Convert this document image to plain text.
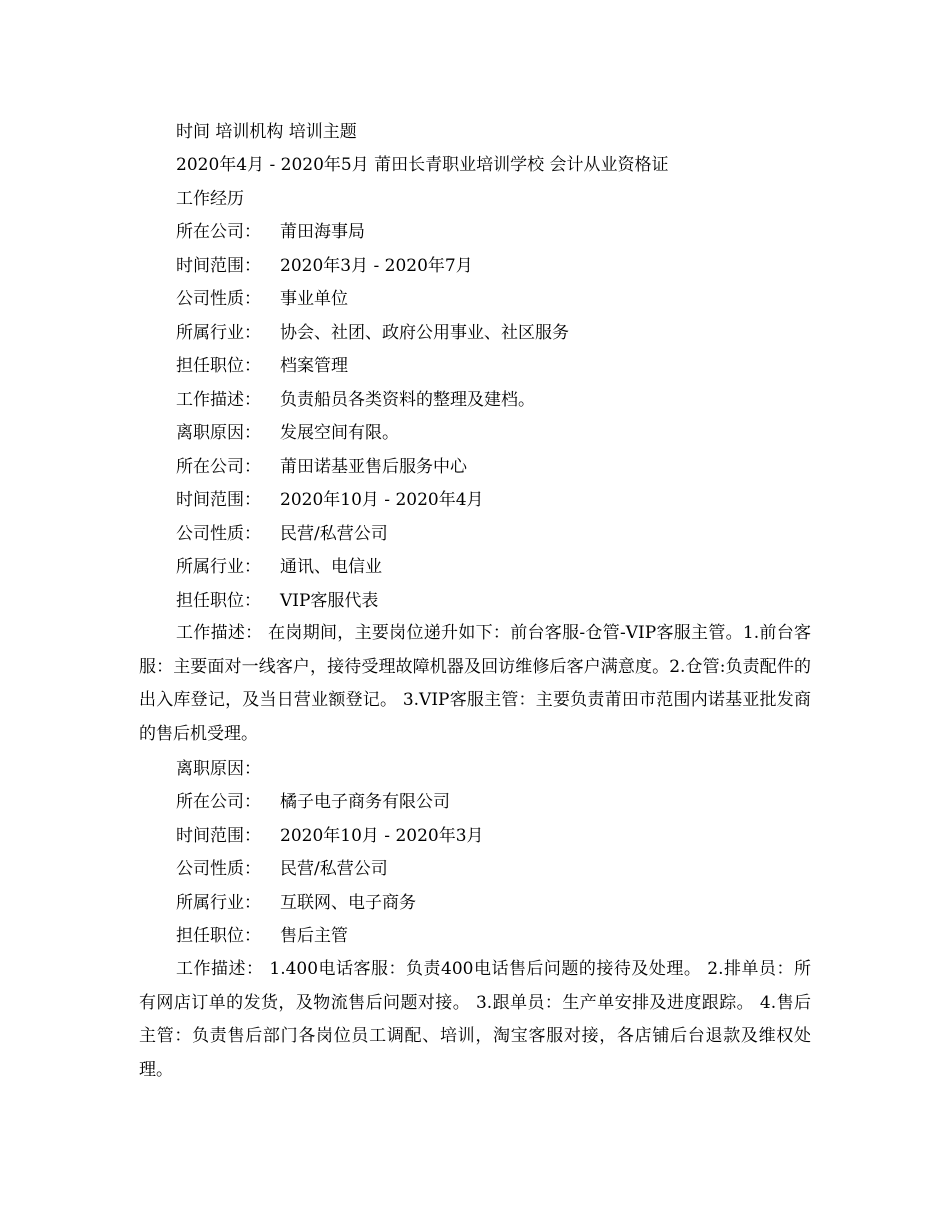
时间 培训机构 培训主题
2020年4月 - 2020年5月 莆田长青职业培训学校 会计从业资格证
工作经历
所在公司： 莆田海事局
时间范围： 2020年3月 - 2020年7月
公司性质： 事业单位
所属行业： 协会、社团、政府公用事业、社区服务
担任职位： 档案管理
工作描述： 负责船员各类资料的整理及建档。
离职原因： 发展空间有限。
所在公司： 莆田诺基亚售后服务中心
时间范围： 2020年10月 - 2020年4月
公司性质： 民营/私营公司
所属行业： 通讯、电信业
担任职位： VIP客服代表
工作描述： 在岗期间，主要岗位递升如下：前台客服-仓管-VIP客服主管。1.前台客服：主要面对一线客户，接待受理故障机器及回访维修后客户满意度。2.仓管:负责配件的出入库登记，及当日营业额登记。 3.VIP客服主管：主要负责莆田市范围内诺基亚批发商的售后机受理。
离职原因：
所在公司： 橘子电子商务有限公司
时间范围： 2020年10月 - 2020年3月
公司性质： 民营/私营公司
所属行业： 互联网、电子商务
担任职位： 售后主管
工作描述： 1.400电话客服：负责400电话售后问题的接待及处理。 2.排单员：所有网店订单的发货，及物流售后问题对接。 3.跟单员：生产单安排及进度跟踪。 4.售后主管：负责售后部门各岗位员工调配、培训，淘宝客服对接，各店铺后台退款及维权处理。
